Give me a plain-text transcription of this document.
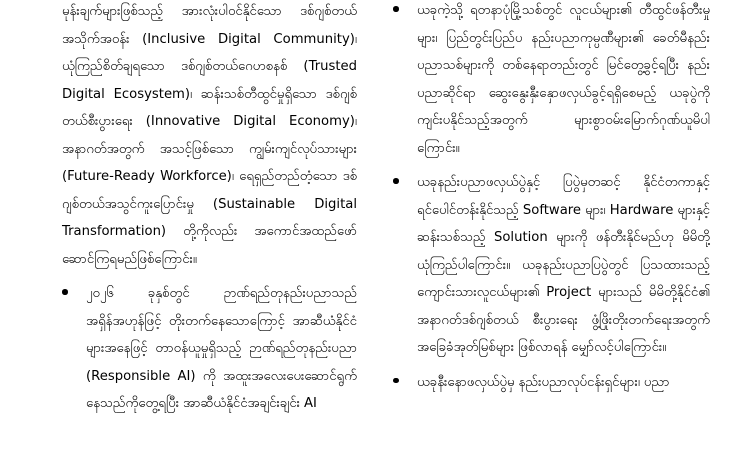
မုန်းချက်များဖြစ်သည့် အားလုံးပါဝင်နိုင်သော ဒစ်ဂျစ်တယ် အသိုက်အဝန်း (Inclusive Digital Community)၊ ယုံကြည်စိတ်ချရသော ဒစ်ဂျစ်တယ်ဂေဟစနစ် (Trusted Digital Ecosystem)၊ ဆန်းသစ်တီထွင်မှုရှိသော ဒစ်ဂျစ်တယ်စီးပွားရေး (Innovative Digital Economy)၊ အနာဂတ်အတွက် အသင့်ဖြစ်သော ကျွမ်းကျင်လုပ်သားများ (Future-Ready Workforce)၊ ရေရှည်တည်တံ့သော ဒစ်ဂျစ်တယ်အသွင်ကူးပြောင်းမှု (Sustainable Digital Transformation) တို့ကိုလည်း အကောင်အထည်ဖော်ဆောင်ကြရမည်ဖြစ်ကြောင်း။

၂၀၂၆ ခုနှစ်တွင် ဉာဏ်ရည်တုနည်းပညာသည် အရှိန်အဟုန်ဖြင့် တိုးတက်နေသောကြောင့် အာဆီယံနိုင်ငံများအနေဖြင့် တာဝန်ယူမှုရှိသည့် ဉာဏ်ရည်တုနည်းပညာ (Responsible AI) ကို အထူးအလေးပေးဆောင်ရွက်နေသည်ကိုတွေ့ရပြီး အာဆီယံနိုင်ငံအချင်းချင်း AI

ယခုကဲ့သို့ ရတနာပုံမြို့သစ်တွင် လူငယ်များ၏ တီထွင်ဖန်တီးမှုများ၊ ပြည်တွင်းပြည်ပ နည်းပညာကုမ္ပဏီများ၏ ခေတ်မီနည်းပညာသစ်များကို တစ်နေရာတည်းတွင် မြင်တွေ့ခွင့်ရပြီး နည်းပညာဆိုင်ရာ ဆွေးနွေးနှီးနှောဖလှယ်ခွင့်ရရှိစေမည့် ယခုပွဲကို ကျင်းပနိုင်သည့်အတွက် များစွာဝမ်းမြောက်ဂုဏ်ယူမိပါကြောင်း။

ယခုနည်းပညာဖလှယ်ပွဲနှင့် ပြပွဲမှတဆင့် နိုင်ငံတကာနှင့် ရင်ပေါင်တန်းနိုင်သည့် Software များ၊ Hardware များနှင့် ဆန်းသစ်သည့် Solution များကို ဖန်တီးနိုင်မည်ဟု မိမိတို့ ယုံကြည်ပါကြောင်း။ ယခုနည်းပညာပြပွဲတွင် ပြသထားသည့် ကျောင်းသားလူငယ်များ၏ Project များသည် မိမိတို့နိုင်ငံ၏ အနာဂတ်ဒစ်ဂျစ်တယ် စီးပွားရေး ဖွံ့ဖြိုးတိုးတက်ရေးအတွက် အခြေခံအုတ်မြစ်များ ဖြစ်လာရန် မျှော်လင့်ပါကြောင်း။

ယခုနီးနောဖလှယ်ပွဲမှ နည်းပညာလုပ်ငန်းရှင်များ၊ ပညာ
